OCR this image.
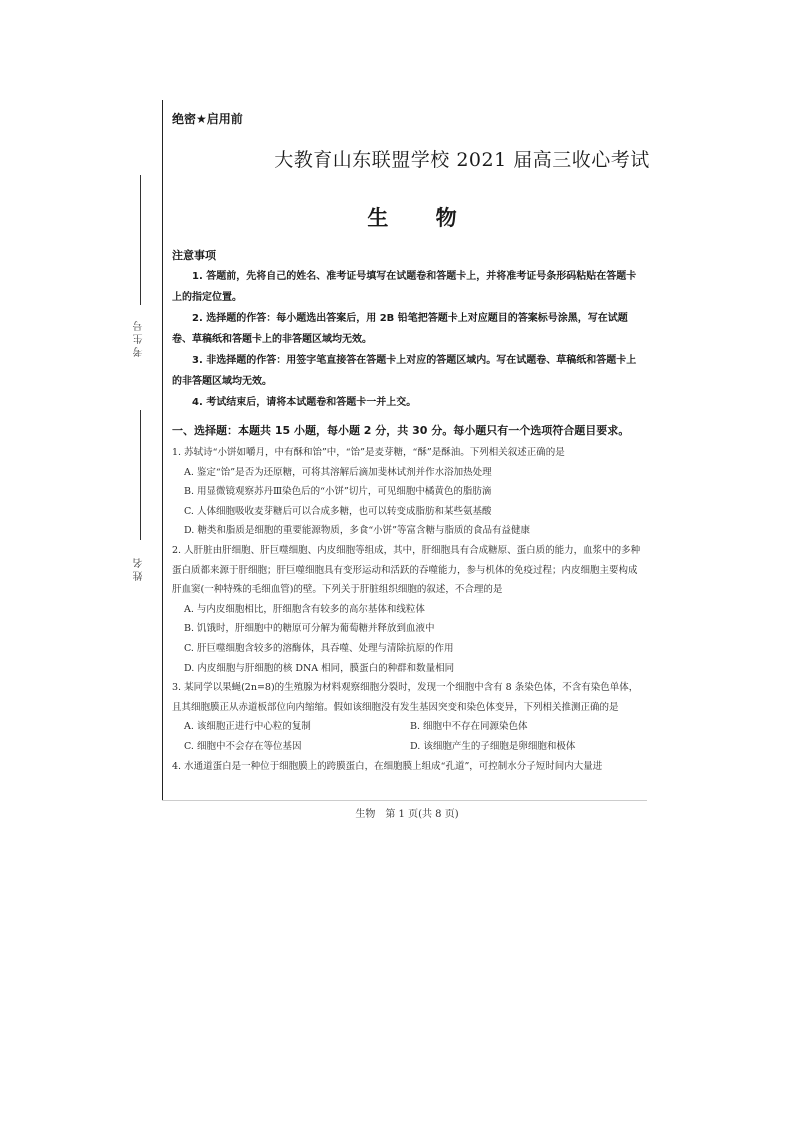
考生号
姓名
绝密★启用前
大教育山东联盟学校 2021 届高三收心考试
生 物
注意事项

1. 答题前，先将自己的姓名、准考证号填写在试题卷和答题卡上，并将准考证号条形码粘贴在答题卡上的指定位置。

2. 选择题的作答：每小题选出答案后，用 2B 铅笔把答题卡上对应题目的答案标号涂黑，写在试题卷、草稿纸和答题卡上的非答题区域均无效。

3. 非选择题的作答：用签字笔直接答在答题卡上对应的答题区域内。写在试题卷、草稿纸和答题卡上的非答题区域均无效。

4. 考试结束后，请将本试题卷和答题卡一并上交。

一、选择题：本题共 15 小题，每小题 2 分，共 30 分。每小题只有一个选项符合题目要求。

1. 苏轼诗“小饼如嚼月，中有酥和饴”中，“饴”是麦芽糖，“酥”是酥油。下列相关叙述正确的是

A. 鉴定“饴”是否为还原糖，可将其溶解后滴加斐林试剂并作水浴加热处理

B. 用显微镜观察苏丹Ⅲ染色后的“小饼”切片，可见细胞中橘黄色的脂肪滴

C. 人体细胞吸收麦芽糖后可以合成多糖，也可以转变成脂肪和某些氨基酸

D. 糖类和脂质是细胞的重要能源物质，多食“小饼”等富含糖与脂质的食品有益健康

2. 人肝脏由肝细胞、肝巨噬细胞、内皮细胞等组成，其中，肝细胞具有合成糖原、蛋白质的能力，血浆中的多种蛋白质都来源于肝细胞；肝巨噬细胞具有变形运动和活跃的吞噬能力，参与机体的免疫过程；内皮细胞主要构成肝血窦(一种特殊的毛细血管)的壁。下列关于肝脏组织细胞的叙述，不合理的是

A. 与内皮细胞相比，肝细胞含有较多的高尔基体和线粒体

B. 饥饿时，肝细胞中的糖原可分解为葡萄糖并释放到血液中

C. 肝巨噬细胞含较多的溶酶体，具吞噬、处理与清除抗原的作用

D. 内皮细胞与肝细胞的核 DNA 相同，膜蛋白的种群和数量相同

3. 某同学以果蝇(2n=8)的生殖腺为材料观察细胞分裂时，发现一个细胞中含有 8 条染色体，不含有染色单体，且其细胞膜正从赤道板部位向内缩缩。假如该细胞没有发生基因突变和染色体变异，下列相关推测正确的是

A. 该细胞正进行中心粒的复制	B. 细胞中不存在同源染色体
C. 细胞中不会存在等位基因	D. 该细胞产生的子细胞是卵细胞和极体

4. 水通道蛋白是一种位于细胞膜上的跨膜蛋白，在细胞膜上组成“孔道”，可控制水分子短时间内大量进

生物　第 1 页(共 8 页)
